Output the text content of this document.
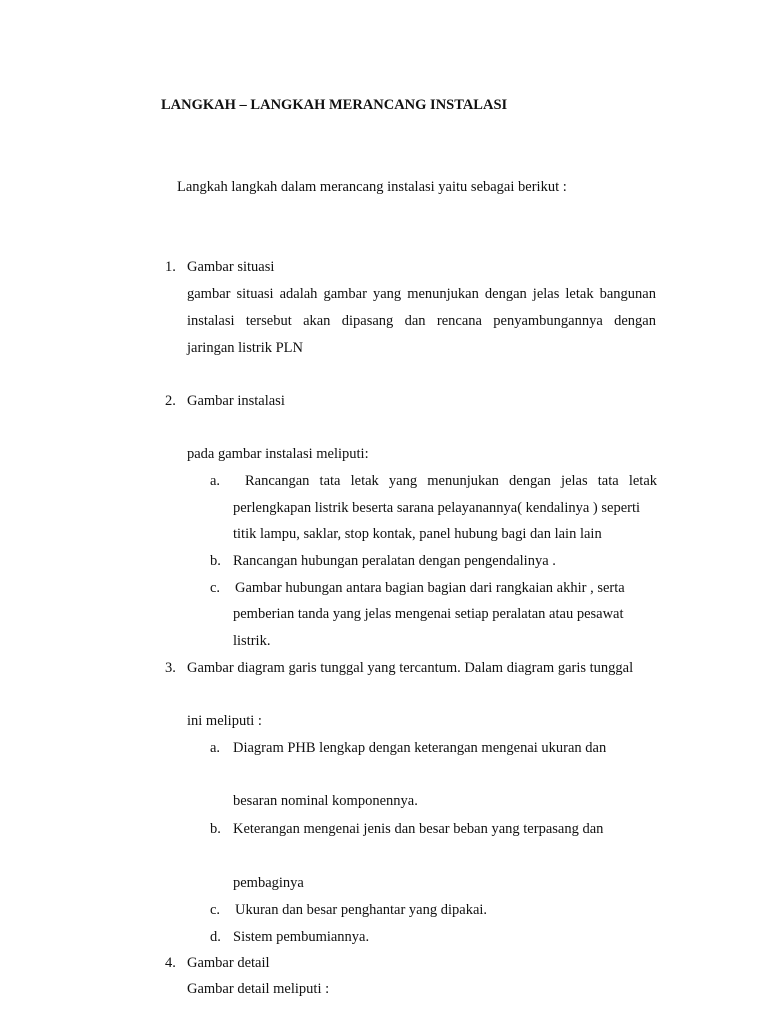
LANGKAH – LANGKAH MERANCANG INSTALASI
Langkah langkah dalam merancang instalasi yaitu sebagai berikut :
1. Gambar situasi
gambar situasi adalah gambar yang menunjukan dengan jelas letak bangunan
instalasi tersebut akan dipasang dan rencana penyambungannya dengan
jaringan listrik PLN
2. Gambar instalasi
pada gambar instalasi meliputi:
a. Rancangan tata letak yang menunjukan dengan jelas tata letak
perlengkapan listrik beserta sarana pelayanannya( kendalinya ) seperti
titik lampu, saklar, stop kontak, panel hubung bagi dan lain lain
b. Rancangan hubungan peralatan dengan pengendalinya .
c. Gambar hubungan antara bagian bagian dari rangkaian akhir , serta
pemberian tanda yang jelas mengenai setiap peralatan atau pesawat
listrik.
3. Gambar diagram garis tunggal yang tercantum. Dalam diagram garis tunggal
ini meliputi :
a. Diagram PHB lengkap dengan keterangan mengenai ukuran dan
besaran nominal komponennya.
b. Keterangan mengenai jenis dan besar beban yang terpasang dan
pembaginya
c. Ukuran dan besar penghantar yang dipakai.
d. Sistem pembumiannya.
4. Gambar detail
Gambar detail meliputi :
